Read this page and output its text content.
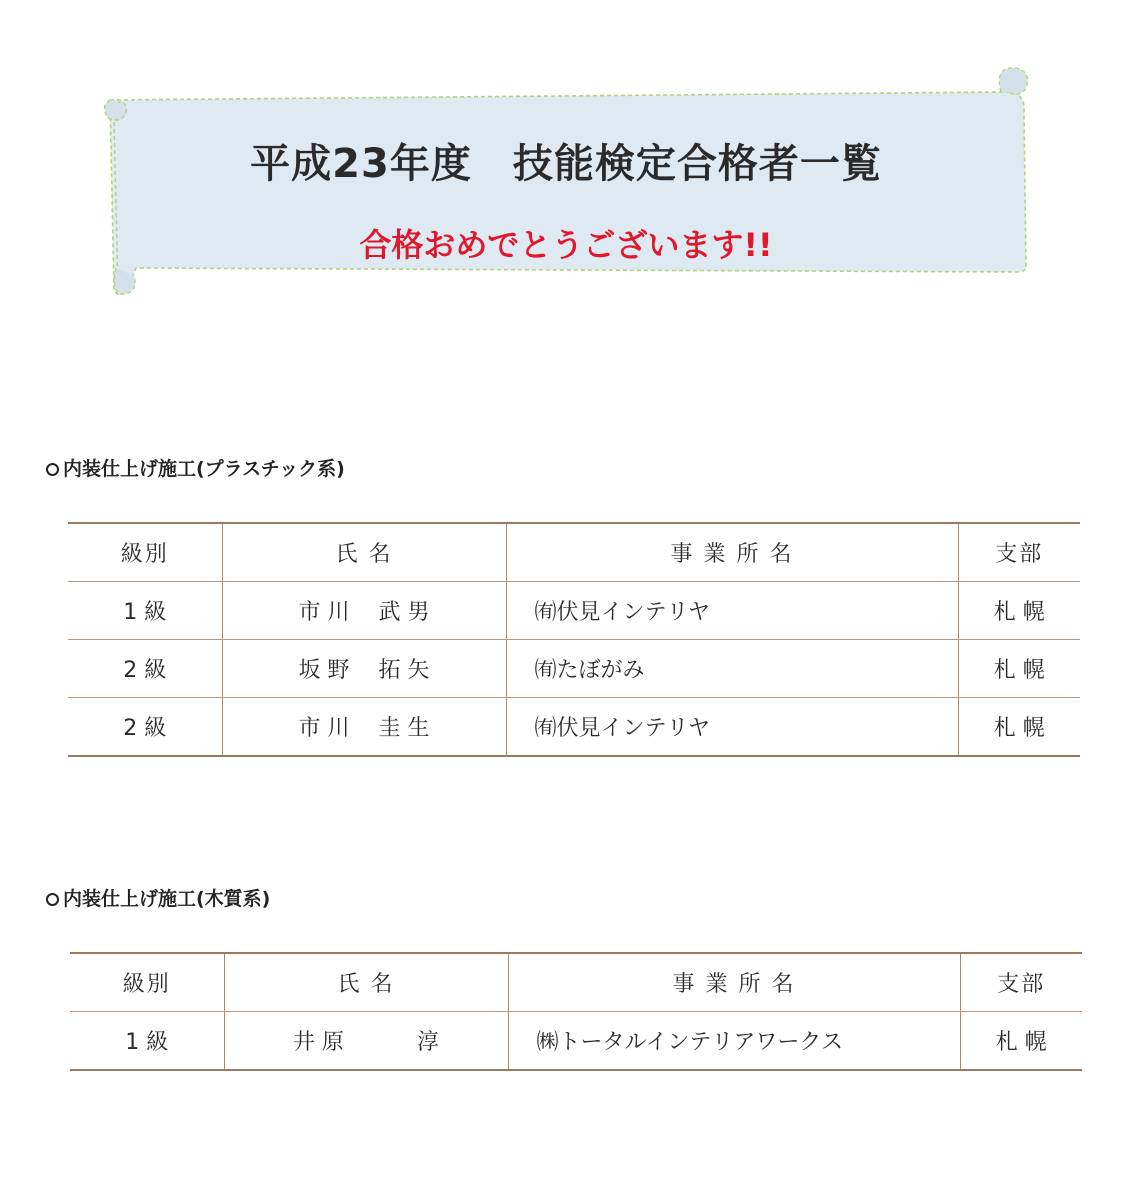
平成23年度　技能検定合格者一覧
合格おめでとうございます!!
内装仕上げ施工(プラスチック系)
級別	氏 名	事 業 所 名	支部
1 級	市 川　 武 男	㈲伏見インテリヤ	札 幌
2 級	坂 野　 拓 矢	㈲たぼがみ	札 幌
2 級	市 川　 圭 生	㈲伏見インテリヤ	札 幌
内装仕上げ施工(木質系)
級別	氏 名	事 業 所 名	支部
1 級	井 原　　　 淳	㈱トータルインテリアワークス	札 幌
